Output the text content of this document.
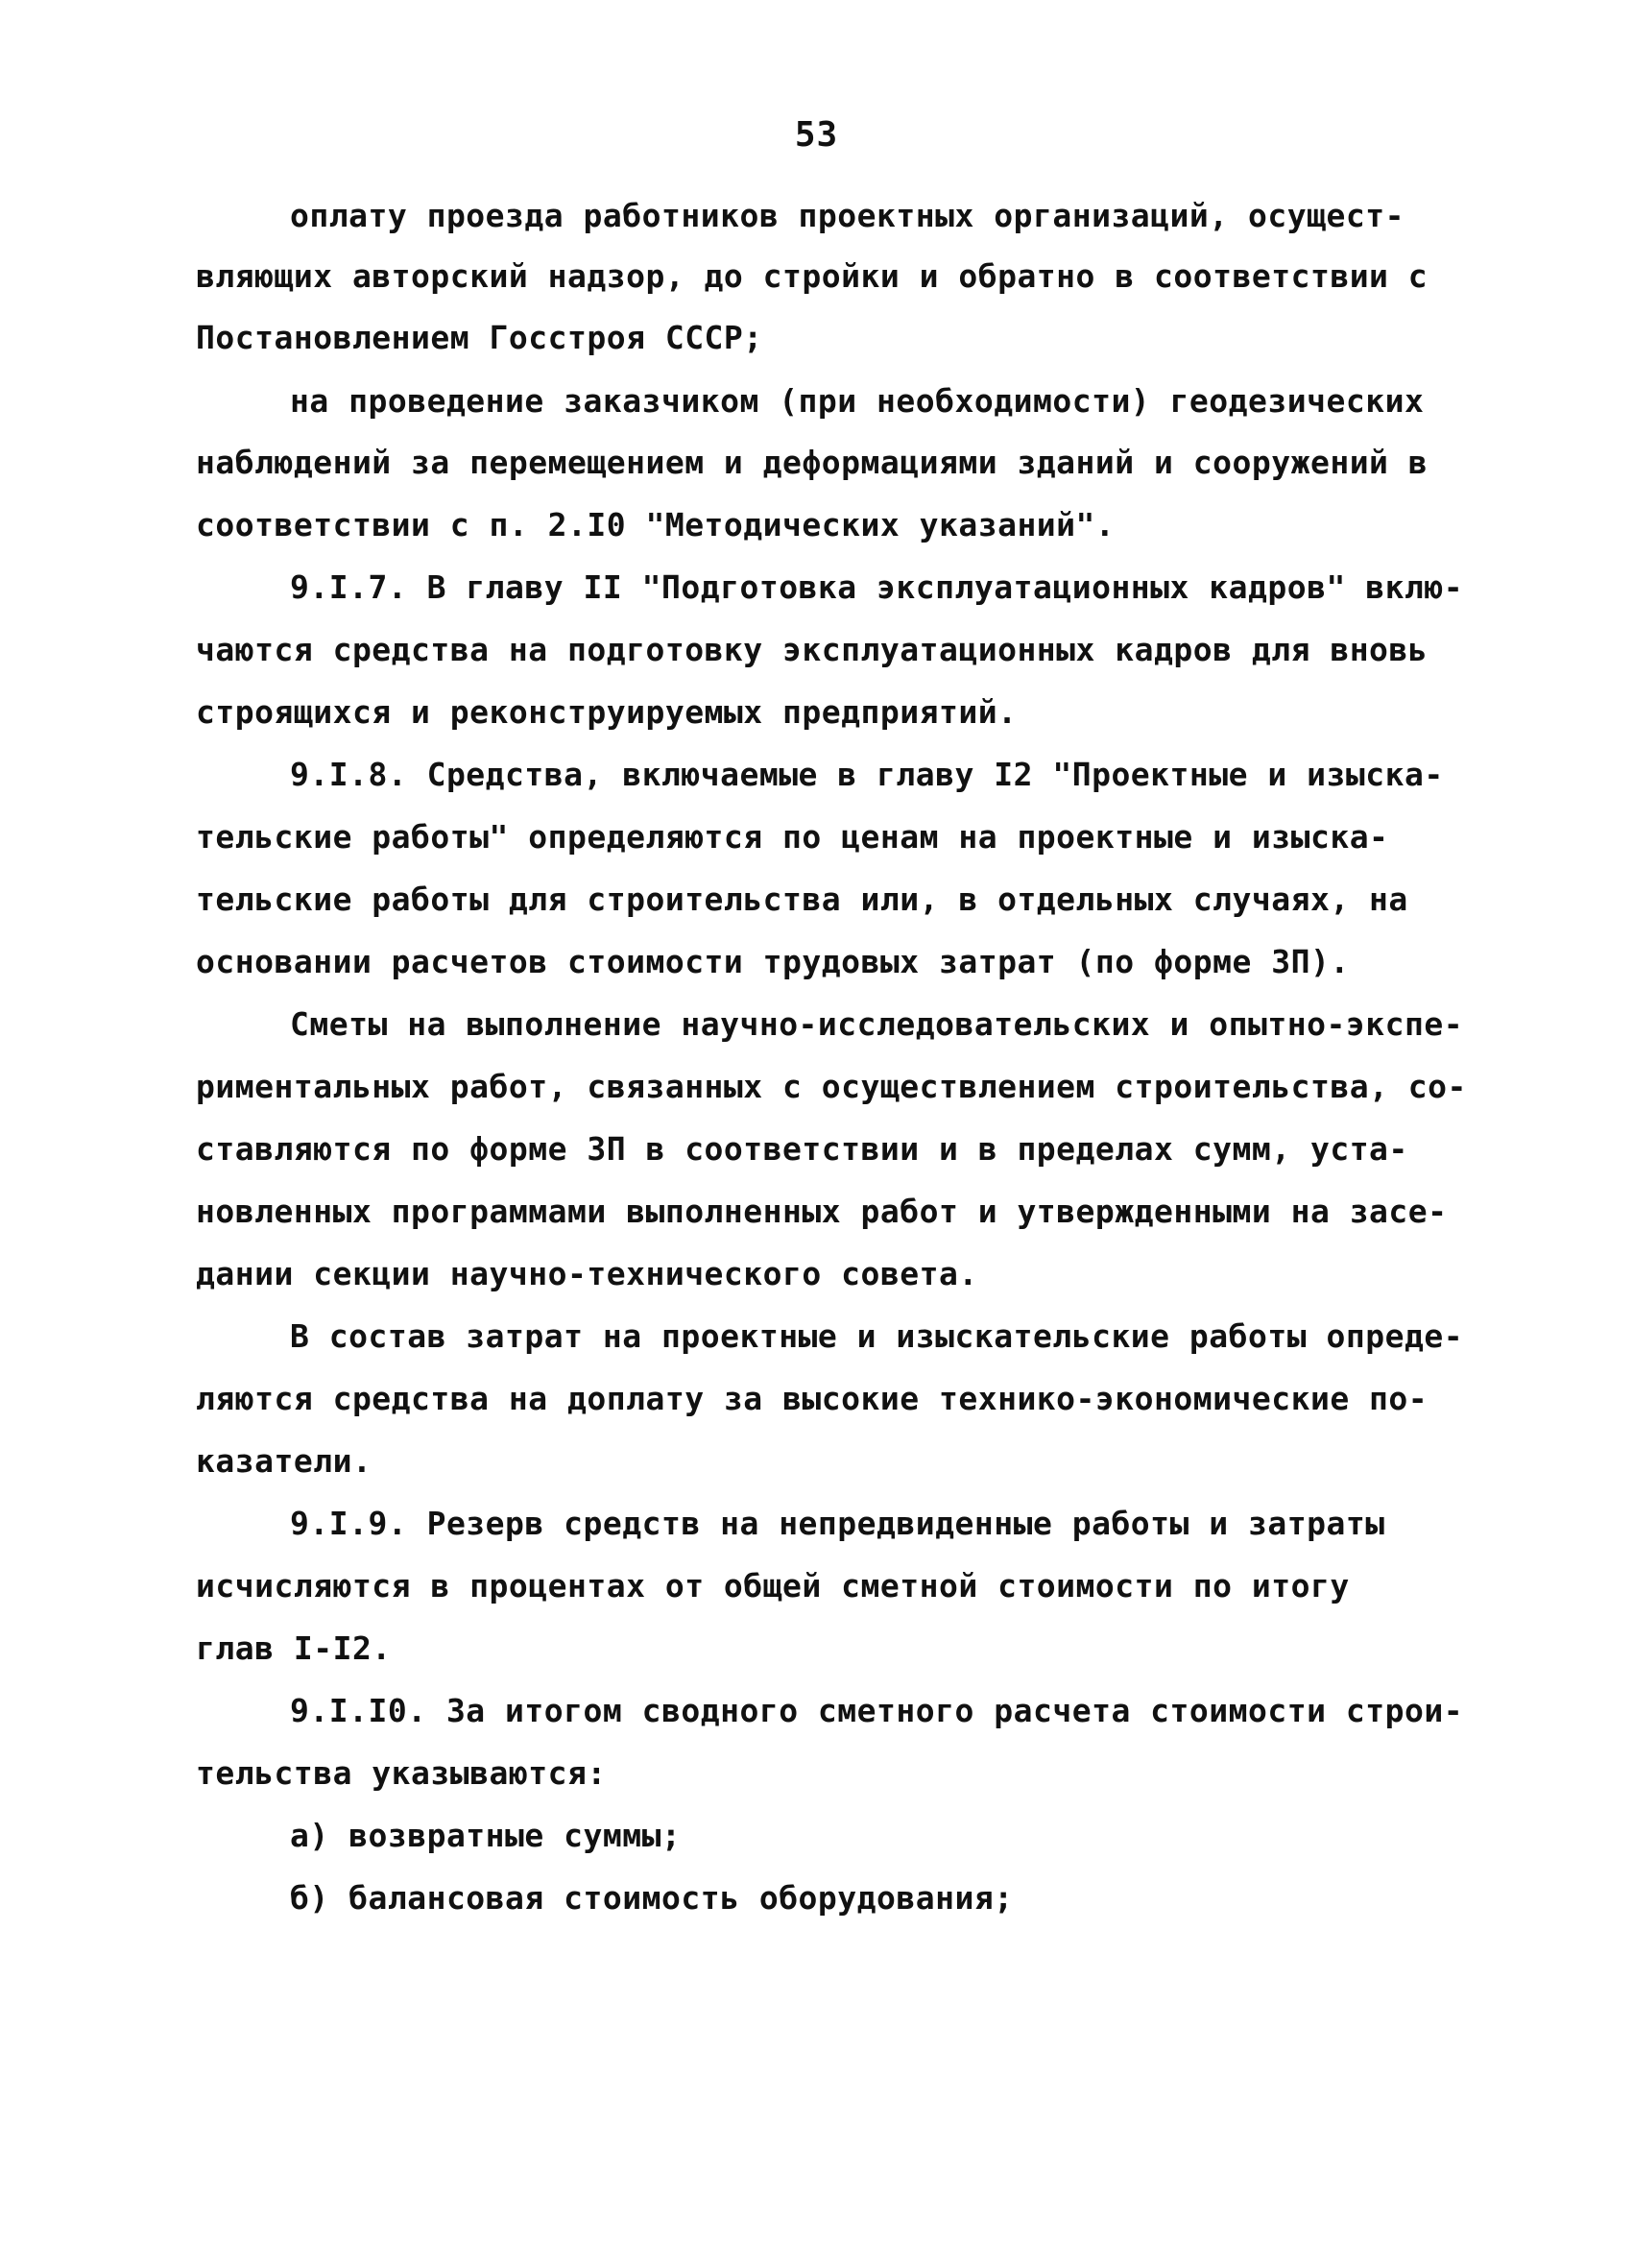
53
оплату проезда работников проектных организаций, осущест-
вляющих авторский надзор, до стройки и обратно в соответствии с
Постановлением Госстроя СССР;
на проведение заказчиком (при необходимости) геодезических
наблюдений за перемещением и деформациями зданий и сооружений в
соответствии с п. 2.I0 "Методических указаний".
9.I.7. В главу II "Подготовка эксплуатационных кадров" вклю-
чаются средства на подготовку эксплуатационных кадров для вновь
строящихся и реконструируемых предприятий.
9.I.8. Средства, включаемые в главу I2 "Проектные и изыска-
тельские работы" определяются по ценам на проектные и изыска-
тельские работы для строительства или, в отдельных случаях, на
основании расчетов стоимости трудовых затрат (по форме 3П).
Сметы на выполнение научно-исследовательских и опытно-экспе-
риментальных работ, связанных с осуществлением строительства, со-
ставляются по форме 3П в соответствии и в пределах сумм, уста-
новленных программами выполненных работ и утвержденными на засе-
дании секции научно-технического совета.
В состав затрат на проектные и изыскательские работы опреде-
ляются средства на доплату за высокие технико-экономические по-
казатели.
9.I.9. Резерв средств на непредвиденные работы и затраты
исчисляются в процентах от общей сметной стоимости по итогу
глав I-I2.
9.I.I0. За итогом сводного сметного расчета стоимости строи-
тельства указываются:
а) возвратные суммы;
б) балансовая стоимость оборудования;
